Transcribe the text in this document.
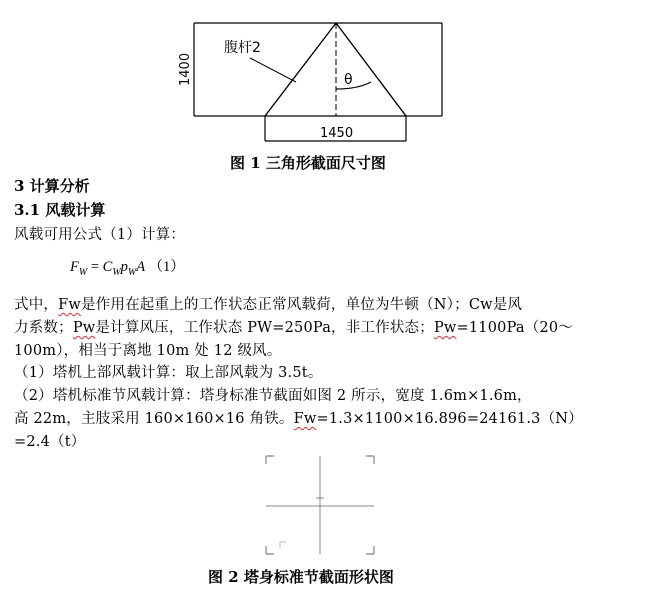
腹杆2
θ
1450
1400
图 1 三角形截面尺寸图
3 计算分析
3.1 风载计算
风载可用公式（1）计算：
$F_W = C_Wp_WA$ （1）
式中，Fw是作用在起重上的工作状态正常风载荷，单位为牛顿（N）；Cw是风
力系数；Pw是计算风压，工作状态 PW=250Pa，非工作状态；Pw=1100Pa（20～
100m），相当于离地 10m 处 12 级风。
（1）塔机上部风载计算：取上部风载为 3.5t。
（2）塔机标准节风载计算：塔身标准节截面如图 2 所示，宽度 1.6m×1.6m，
高 22m，主肢采用 160×160×16 角铁。Fw=1.3×1100×16.896=24161.3（N）
=2.4（t）
图 2 塔身标准节截面形状图
